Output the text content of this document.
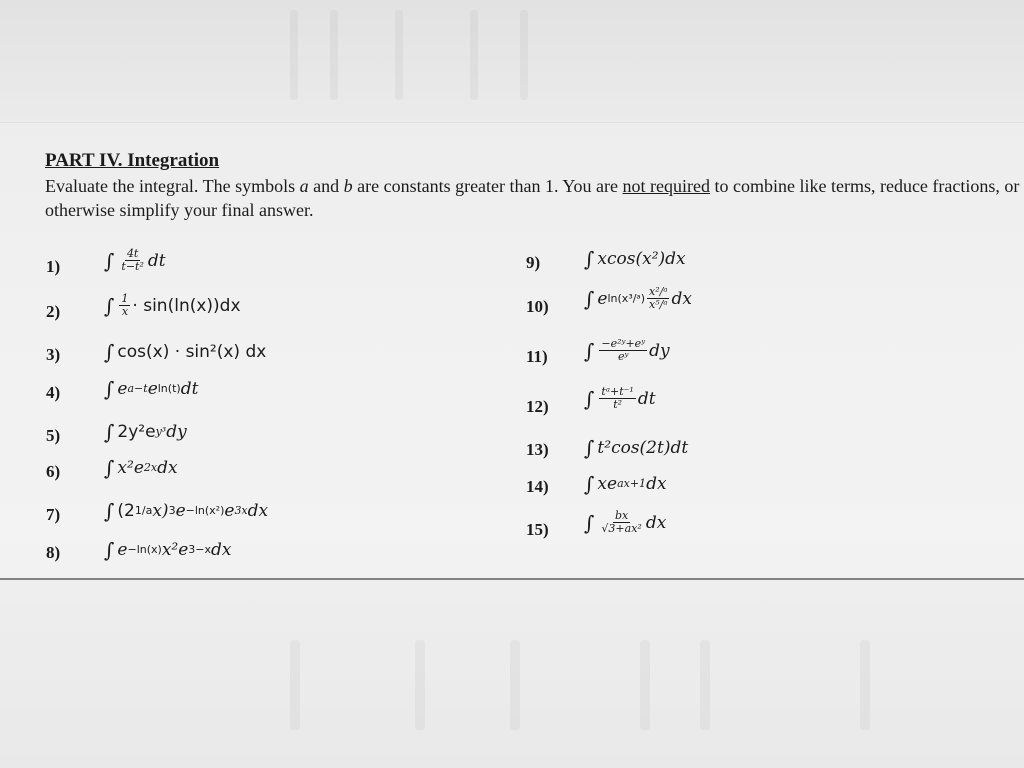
PART IV. Integration
Evaluate the integral. The symbols a and b are constants greater than 1. You are not required to combine like terms, reduce fractions, or otherwise simplify your final answer.
1) ∫ $\frac{4t}{\text{t−t²}}$ dt
2) ∫ $\frac{1}{x} \cdot \sin(\ln(x))dx$
3) ∫ cos(x) · sin²(x) dx
4) ∫ e a−t e ln(t) dt
5) ∫ 2y²e y³ dy
6) ∫ x²e 2x dx
7) ∫ (2 1/a x) 3 e −ln(x²) e 3x dx
8) ∫ e −ln(x) x²e 3−x dx
9) ∫ xcos(x²)dx
10) ∫ e ln(x³/ᵃ) $\frac{\text{x²/ᵃ}}{\text{x⁵/ᵃ}}$ dx
11) ∫ $\frac{\text{−e²ʸ+eʸ}}{\text{eʸ}}$ dy
12) ∫ $\frac{\text{tᵃ+t⁻¹}}{\text{t²}}$ dt
13) ∫ t²cos(2t)dt
14) ∫ xe ax+1 dx
15) ∫ $\frac{bx}{\text{√3+ax²}}$ dx
